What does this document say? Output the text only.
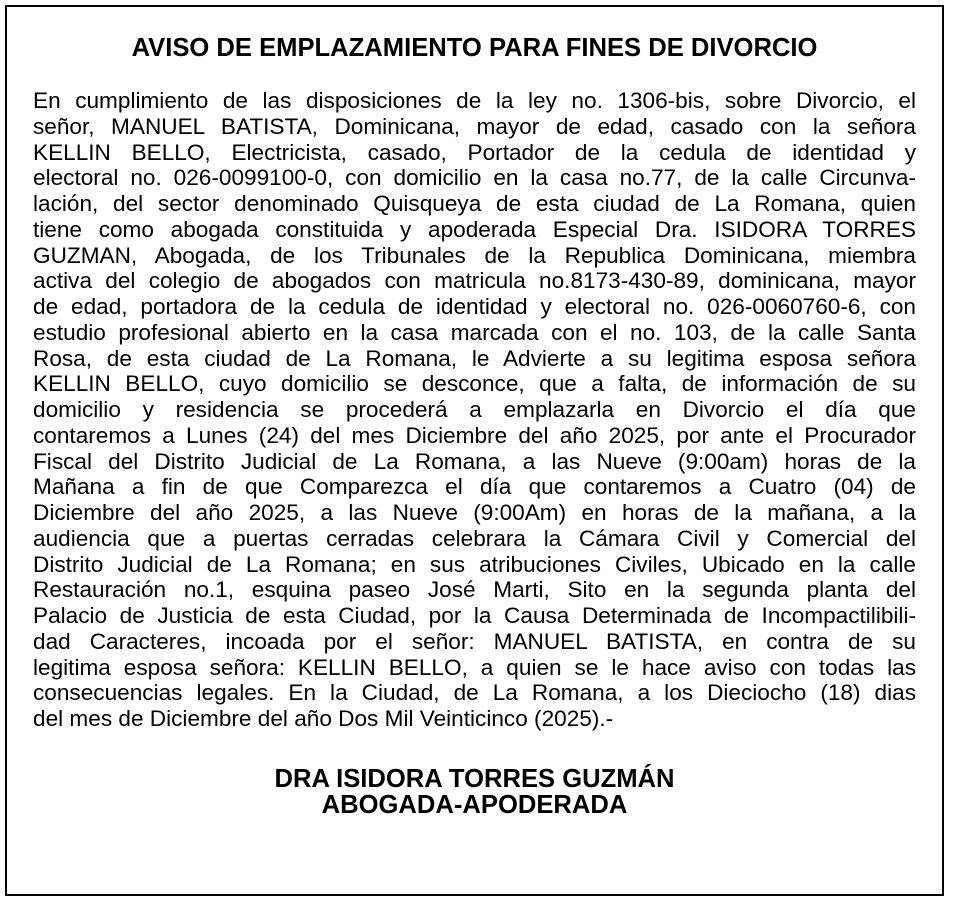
AVISO DE EMPLAZAMIENTO PARA FINES DE DIVORCIO
En cumplimiento de las disposiciones de la ley no. 1306-bis, sobre Divorcio, el
señor, MANUEL BATISTA, Dominicana, mayor de edad, casado con la señora
KELLIN BELLO, Electricista, casado, Portador de la cedula de identidad y
electoral no. 026-0099100-0, con domicilio en la casa no.77, de la calle Circunva-
lación, del sector denominado Quisqueya de esta ciudad de La Romana, quien
tiene como abogada constituida y apoderada Especial Dra. ISIDORA TORRES
GUZMAN, Abogada, de los Tribunales de la Republica Dominicana, miembra
activa del colegio de abogados con matricula no.8173-430-89, dominicana, mayor
de edad, portadora de la cedula de identidad y electoral no. 026-0060760-6, con
estudio profesional abierto en la casa marcada con el no. 103, de la calle Santa
Rosa, de esta ciudad de La Romana, le Advierte a su legitima esposa señora
KELLIN BELLO, cuyo domicilio se desconce, que a falta, de información de su
domicilio y residencia se procederá a emplazarla en Divorcio el día que
contaremos a Lunes (24) del mes Diciembre del año 2025, por ante el Procurador
Fiscal del Distrito Judicial de La Romana, a las Nueve (9:00am) horas de la
Mañana a fin de que Comparezca el día que contaremos a Cuatro (04) de
Diciembre del año 2025, a las Nueve (9:00Am) en horas de la mañana, a la
audiencia que a puertas cerradas celebrara la Cámara Civil y Comercial del
Distrito Judicial de La Romana; en sus atribuciones Civiles, Ubicado en la calle
Restauración no.1, esquina paseo José Marti, Sito en la segunda planta del
Palacio de Justicia de esta Ciudad, por la Causa Determinada de Incompactilibili-
dad Caracteres, incoada por el señor: MANUEL BATISTA, en contra de su
legitima esposa señora: KELLIN BELLO, a quien se le hace aviso con todas las
consecuencias legales. En la Ciudad, de La Romana, a los Dieciocho (18) dias
del mes de Diciembre del año Dos Mil Veinticinco (2025).-
DRA ISIDORA TORRES GUZMÁN
ABOGADA-APODERADA
